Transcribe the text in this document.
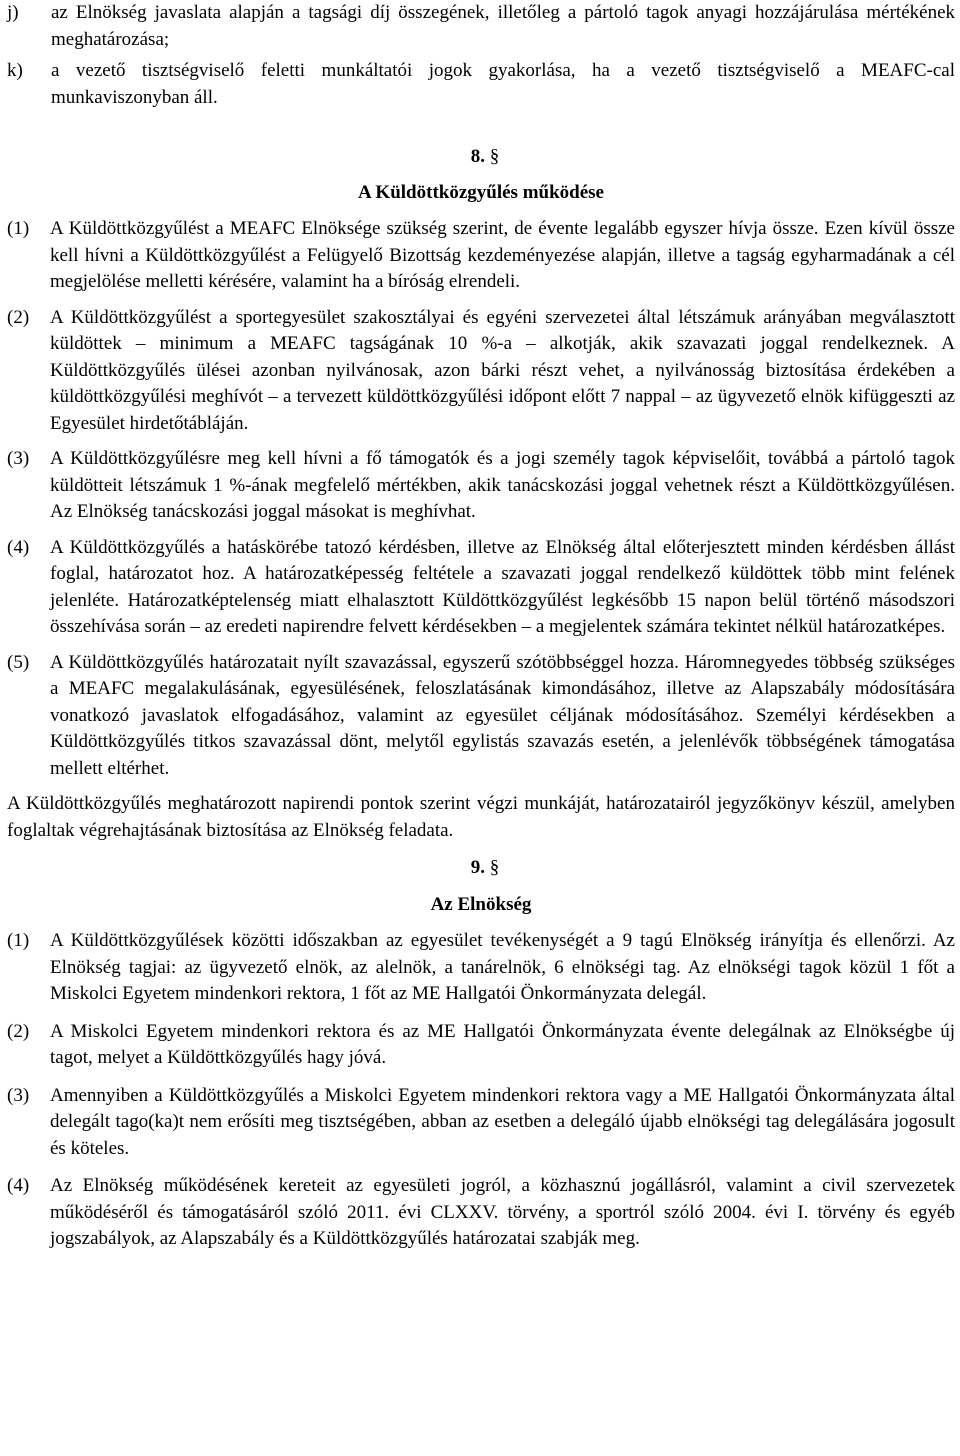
j) az Elnökség javaslata alapján a tagsági díj összegének, illetőleg a pártoló tagok anyagi hozzájárulása mértékének meghatározása;
k) a vezető tisztségviselő feletti munkáltatói jogok gyakorlása, ha a vezető tisztségviselő a MEAFC-cal munkaviszonyban áll.
8. §
A Küldöttközgyűlés működése
(1) A Küldöttközgyűlést a MEAFC Elnöksége szükség szerint, de évente legalább egyszer hívja össze. Ezen kívül össze kell hívni a Küldöttközgyűlést a Felügyelő Bizottság kezdeményezése alapján, illetve a tagság egyharmadának a cél megjelölése melletti kérésére, valamint ha a bíróság elrendeli.
(2) A Küldöttközgyűlést a sportegyesület szakosztályai és egyéni szervezetei által létszámuk arányában megválasztott küldöttek – minimum a MEAFC tagságának 10 %-a – alkotják, akik szavazati joggal rendelkeznek. A Küldöttközgyűlés ülései azonban nyilvánosak, azon bárki részt vehet, a nyilvánosság biztosítása érdekében a küldöttközgyűlési meghívót – a tervezett küldöttközgyűlési időpont előtt 7 nappal – az ügyvezető elnök kifüggeszti az Egyesület hirdetőtábláján.
(3) A Küldöttközgyűlésre meg kell hívni a fő támogatók és a jogi személy tagok képviselőit, továbbá a pártoló tagok küldötteit létszámuk 1 %-ának megfelelő mértékben, akik tanácskozási joggal vehetnek részt a Küldöttközgyűlésen. Az Elnökség tanácskozási joggal másokat is meghívhat.
(4) A Küldöttközgyűlés a hatáskörébe tatozó kérdésben, illetve az Elnökség által előterjesztett minden kérdésben állást foglal, határozatot hoz. A határozatképesség feltétele a szavazati joggal rendelkező küldöttek több mint felének jelenléte. Határozatképtelenség miatt elhalasztott Küldöttközgyűlést legkésőbb 15 napon belül történő másodszori összehívása során – az eredeti napirendre felvett kérdésekben – a megjelentek számára tekintet nélkül határozatképes.
(5) A Küldöttközgyűlés határozatait nyílt szavazással, egyszerű szótöbbséggel hozza. Háromnegyedes többség szükséges a MEAFC megalakulásának, egyesülésének, feloszlatásának kimondásához, illetve az Alapszabály módosítására vonatkozó javaslatok elfogadásához, valamint az egyesület céljának módosításához. Személyi kérdésekben a Küldöttközgyűlés titkos szavazással dönt, melytől egylistás szavazás esetén, a jelenlévők többségének támogatása mellett eltérhet.

A Küldöttközgyűlés meghatározott napirendi pontok szerint végzi munkáját, határozatairól jegyzőkönyv készül, amelyben foglaltak végrehajtásának biztosítása az Elnökség feladata.

9. §
Az Elnökség
(1) A Küldöttközgyűlések közötti időszakban az egyesület tevékenységét a 9 tagú Elnökség irányítja és ellenőrzi. Az Elnökség tagjai: az ügyvezető elnök, az alelnök, a tanárelnök, 6 elnökségi tag. Az elnökségi tagok közül 1 főt a Miskolci Egyetem mindenkori rektora, 1 főt az ME Hallgatói Önkormányzata delegál.
(2) A Miskolci Egyetem mindenkori rektora és az ME Hallgatói Önkormányzata évente delegálnak az Elnökségbe új tagot, melyet a Küldöttközgyűlés hagy jóvá.
(3) Amennyiben a Küldöttközgyűlés a Miskolci Egyetem mindenkori rektora vagy a ME Hallgatói Önkormányzata által delegált tago(ka)t nem erősíti meg tisztségében, abban az esetben a delegáló újabb elnökségi tag delegálására jogosult és köteles.
(4) Az Elnökség működésének kereteit az egyesületi jogról, a közhasznú jogállásról, valamint a civil szervezetek működéséről és támogatásáról szóló 2011. évi CLXXV. törvény, a sportról szóló 2004. évi I. törvény és egyéb jogszabályok, az Alapszabály és a Küldöttközgyűlés határozatai szabják meg.
